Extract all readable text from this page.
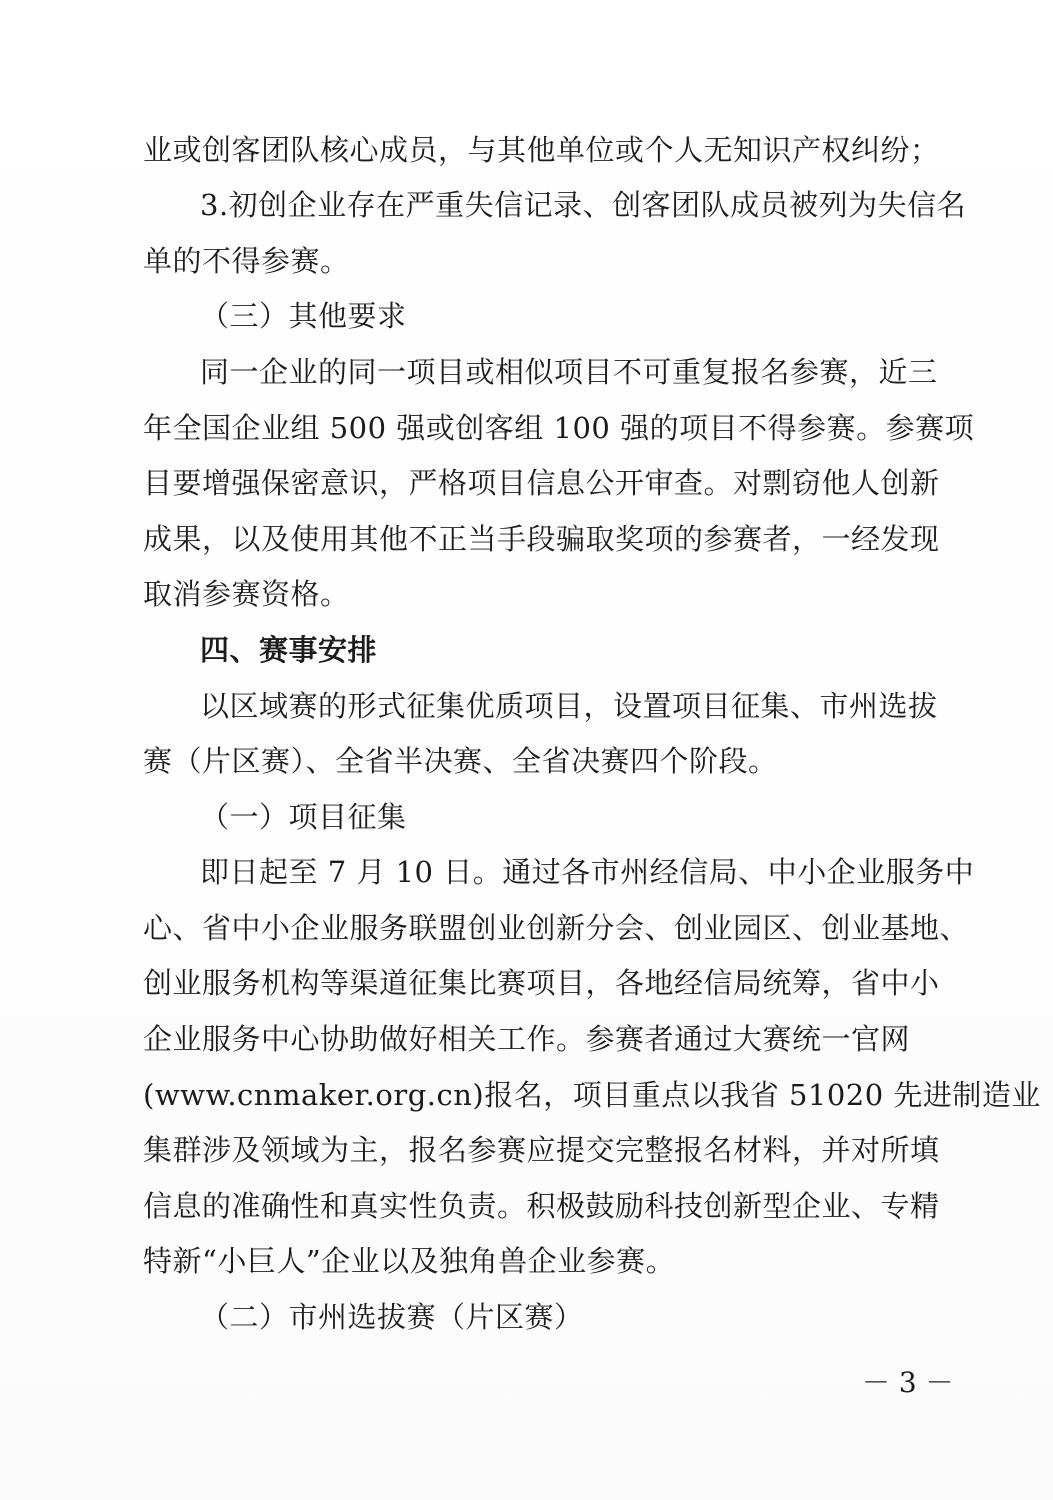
业或创客团队核心成员，与其他单位或个人无知识产权纠纷；
3.初创企业存在严重失信记录、创客团队成员被列为失信名
单的不得参赛。
（三）其他要求
同一企业的同一项目或相似项目不可重复报名参赛，近三
年全国企业组 500 强或创客组 100 强的项目不得参赛。参赛项
目要增强保密意识，严格项目信息公开审查。对剽窃他人创新
成果，以及使用其他不正当手段骗取奖项的参赛者，一经发现
取消参赛资格。
四、赛事安排
以区域赛的形式征集优质项目，设置项目征集、市州选拔
赛（片区赛）、全省半决赛、全省决赛四个阶段。
（一）项目征集
即日起至 7 月 10 日。通过各市州经信局、中小企业服务中
心、省中小企业服务联盟创业创新分会、创业园区、创业基地、
创业服务机构等渠道征集比赛项目，各地经信局统筹，省中小
企业服务中心协助做好相关工作。参赛者通过大赛统一官网
(www.cnmaker.org.cn)报名，项目重点以我省 51020 先进制造业
集群涉及领域为主，报名参赛应提交完整报名材料，并对所填
信息的准确性和真实性负责。积极鼓励科技创新型企业、专精
特新“小巨人”企业以及独角兽企业参赛。
（二）市州选拔赛（片区赛）
－ 3 －
